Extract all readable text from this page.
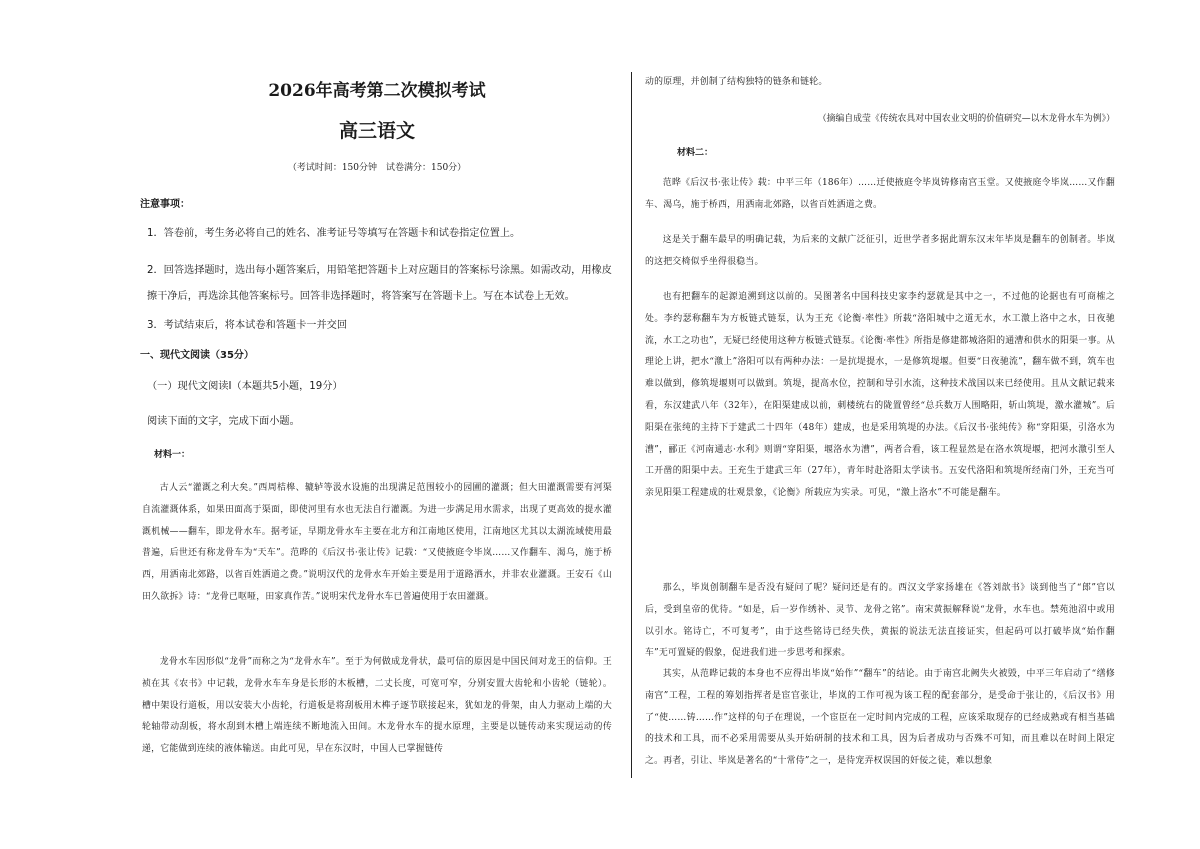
2026年高考第二次模拟考试
高三语文
（考试时间：150分钟　试卷满分：150分）
注意事项：
1．答卷前，考生务必将自己的姓名、准考证号等填写在答题卡和试卷指定位置上。
2．回答选择题时，选出每小题答案后，用铅笔把答题卡上对应题目的答案标号涂黑。如需改动，用橡皮擦干净后，再选涂其他答案标号。回答非选择题时，将答案写在答题卡上。写在本试卷上无效。
3．考试结束后，将本试卷和答题卡一并交回
一、现代文阅读（35分）
（一）现代文阅读Ⅰ（本题共5小题，19分）
阅读下面的文字，完成下面小题。
材料一：

古人云“灌溉之利大矣。”西周桔槔、辘轳等汲水设施的出现满足范围较小的园圃的灌溉；但大田灌溉需要有河渠自流灌溉体系，如果田面高于渠面，即使河里有水也无法自行灌溉。为进一步满足用水需求，出现了更高效的提水灌溉机械——翻车，即龙骨水车。据考证，早期龙骨水车主要在北方和江南地区使用，江南地区尤其以太湖流域使用最普遍，后世还有称龙骨车为“天车”。范晔的《后汉书·张让传》记载：“又使掖庭令毕岚……又作翻车、渴乌，施于桥西，用洒南北郊路，以省百姓洒道之费。”说明汉代的龙骨水车开始主要是用于道路洒水，并非农业灌溉。王安石《山田久欲拆》诗：“龙骨已呕哑，田家真作苦。”说明宋代龙骨水车已普遍使用于农田灌溉。

龙骨水车因形似“龙骨”而称之为“龙骨水车”。至于为何做成龙骨状，最可信的原因是中国民间对龙王的信仰。王祯在其《农书》中记载，龙骨水车车身是长形的木板槽，二丈长度，可宽可窄，分别安置大齿轮和小齿轮（链轮）。槽中架设行道板，用以安装大小齿轮，行道板是将刮板用木榫子逐节联接起来，犹如龙的骨架，由人力驱动上端的大轮轴带动刮板，将水刮到木槽上端连续不断地流入田间。木龙骨水车的提水原理，主要是以链传动来实现运动的传递，它能做到连续的液体输送。由此可见，早在东汉时，中国人已掌握链传

动的原理，并创制了结构独特的链条和链轮。

（摘编自成莹《传统农具对中国农业文明的价值研究—以木龙骨水车为例》）
材料二：

范晔《后汉书·张让传》载：中平三年（186年）……迁使掖庭令毕岚铸修南宫玉堂。又使掖庭令毕岚……又作翻车、渴乌，施于桥西，用洒南北郊路，以省百姓洒道之费。

这是关于翻车最早的明确记载，为后来的文献广泛征引，近世学者多据此谓东汉末年毕岚是翻车的创制者。毕岚的这把交椅似乎坐得很稳当。

也有把翻车的起源追溯到这以前的。吴图著名中国科技史家李约瑟就是其中之一，不过他的论据也有可商榷之处。李约瑟称翻车为方板链式链泵，认为王充《论衡·率性》所载“洛阳城中之道无水，水工激上洛中之水，日夜驰流，水工之功也”，无疑已经使用这种方板链式链泵。《论衡·率性》所指是修建都城洛阳的通漕和供水的阳渠一事。从理论上讲，把水“激上”洛阳可以有两种办法：一是抗堤提水，一是修筑堤堰。但要“日夜驰流”，翻车做不到，筑车也难以做到，修筑堤堰则可以做到。筑堤，提高水位，控制和导引水流，这种技术战国以来已经使用。且从文献记载来看，东汉建武八年（32年），在阳渠建成以前，刺楼统右的陇置曾经“总兵数万人围略阳，斩山筑堤，激水灌城”。后阳渠在张纯的主持下于建武二十四年（48年）建成，也是采用筑堤的办法。《后汉书·张纯传》称“穿阳渠，引洛水为漕”，郦正《河南通志·水利》则谓“穿阳渠，堰洛水为漕”，两者合看，该工程显然是在洛水筑堤堰，把河水激引至人工开凿的阳渠中去。王充生于建武三年（27年），青年时赴洛阳太学读书。五安代洛阳和筑堤所经南门外，王充当可亲见阳渠工程建成的壮观景象，《论衡》所载应为实录。可见，“激上洛水”不可能是翻车。

那么，毕岚创制翻车是否没有疑问了呢？疑问还是有的。西汉文学家扬雄在《答刘歆书》谈到他当了“郎”官以后，受到皇帝的优待。“如是，后一岁作绣补、灵节、龙骨之铭”。南宋黄振解释说“龙骨，水车也。禁苑池沼中或用以引水。铭诗亡，不可复考”，由于这些铭诗已经失佚，黄振的说法无法直接证实，但起码可以打破毕岚“始作翻车”无可置疑的假象，促进我们进一步思考和探索。

其实，从范晔记载的本身也不应得出毕岚“始作”“翻车”的结论。由于南宫北阙失火被毁，中平三年启动了“缮修南宫”工程，工程的筹划指挥者是宦官张让，毕岚的工作可视为该工程的配套部分，是受命于张让的，《后汉书》用了“使……铸……作”这样的句子在理说，一个宦臣在一定时间内完成的工程，应该采取现存的已经成熟或有相当基础的技术和工具，而不必采用需要从头开始研制的技术和工具，因为后者成功与否殊不可知，而且难以在时间上限定之。再者，引让、毕岚是著名的“十常侍”之一，是待宠弄权误国的奸佞之徒，难以想象
